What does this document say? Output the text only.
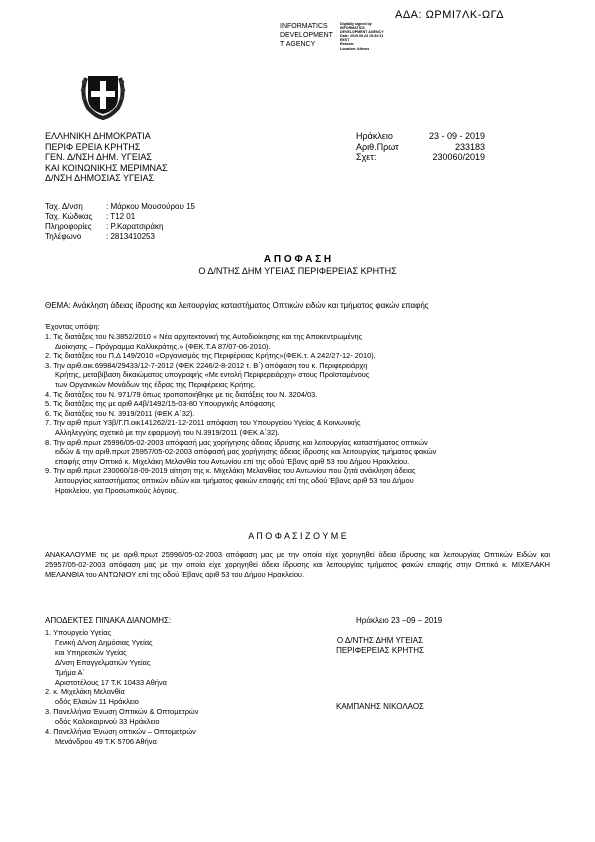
ΑΔΑ: ΩΡΜΙ7ΛΚ-ΩΓΔ
INFORMATICS
DEVELOPMENT
T AGENCY
Digitally signed by
INFORMATICS
DEVELOPMENT AGENCY
Date: 2019.09.23 15:32:31
EEST
Reason:
Location: Athens
ΕΛΛΗΝΙΚΗ ΔΗΜΟΚΡΑΤΙΑ
ΠΕΡΙΦ ΕΡΕΙΑ ΚΡΗΤΗΣ
ΓΕΝ. Δ/ΝΣΗ ΔΗΜ. ΥΓΕΙΑΣ
ΚΑΙ ΚΟΙΝΩΝΙΚΗΣ ΜΕΡΙΜΝΑΣ
Δ/ΝΣΗ ΔΗΜΟΣΙΑΣ ΥΓΕΙΑΣ
Ηράκλειο
Αριθ.Πρωτ
Σχετ:
23 - 09 - 2019
233183
230060/2019
Ταχ. Δ/νση
Ταχ. Κώδικας
Πληροφορίες
Τηλέφωνο
: Μάρκου Μουσούρου 15
: Τ12 01
: Ρ.Καρατσιράκη
: 2813410253
Α Π Ο Φ Α Σ Η
Ο Δ/ΝΤΗΣ ΔΗΜ ΥΓΕΙΑΣ ΠΕΡΙΦΕΡΕΙΑΣ ΚΡΗΤΗΣ
ΘΕΜΑ: Ανάκληση άδειας ίδρυσης και λειτουργίας καταστήματος Οπτικών ειδών και τμήματος φακών επαφής
Έχοντας υπόψη:
1. Τις διατάξεις του Ν.3852/2010 « Νέα αρχιτεκτονική της Αυτοδιοίκησης και της Αποκεντρωμένης
Διοίκησης – Πρόγραμμα Καλλικράτης.» (ΦΕΚ.Τ.Α 87/07-06-2010).
2. Τις διατάξεις του Π.Δ 149/2010 «Οργανισμός της Περιφέρειας Κρήτης»(ΦΕΚ.τ. Α 242/27-12- 2010).
3. Την αριθ.αικ.69984/29433/12-7-2012 (ΦΕΚ 2246/2-8-2012 τ. Β΄) απόφαση του κ. Περιφερειάρχη
Κρήτης, μεταβίβαση δικαιώματος υπογραφής «Με εντολή Περιφερειάρχη» στους Προϊσταμένους
των Οργανικών Μονάδων της έδρας της Περιφέρειας Κρήτης.
4. Τις διατάξεις του Ν. 971/79 όπως τροποποιήθηκε με τις διατάξεις του Ν. 3204/03.
5. Τις διατάξεις της με αριθ Α4β/1492/15-03-80 Υπουργικής Απόφασης
6. Τις διατάξεις του Ν. 3919/2011 (ΦΕΚ Α΄32).
7. Την αριθ πρωτ Υ3β/Γ.Π.οικ141262/21-12-2011 απόφαση του Υπουργείου Υγείας & Κοινωνικής
Αλληλεγγύης σχετικό με την εφαρμογή του Ν.3919/2011 (ΦΕΚ Α΄32).
8. Την αριθ.πρωτ 25996/05-02-2003 απόφασή μας χορήγησης άδειας ίδρυσης και λειτουργίας καταστήματος οπτικών
ειδών & την αριθ.πρωτ 25957/05-02-2003 απόφασή μας χορήγησης άδειας ίδρυσης και λειτουργίας τμήματος φακών
επαφής στην Οπτικό κ. Μιχελάκη Μελανθία του Αντωνίου επί της οδού Έβανς αριθ 53 του Δήμου Ηρακλείου.
9. Την αριθ.πρωτ 230060/18-09-2019 αίτηση της κ. Μιχελάκη Μελανθίας του Αντωνίου που ζητά ανάκληση άδειας
λειτουργίας καταστήματος οπτικών ειδών και τμήματος φακών επαφής επί της οδού Έβανς αριθ 53 του Δήμου
Ηρακλείου, για Προσωπικούς λόγους.
Α Π Ο Φ Α Σ Ι Ζ Ο Υ Μ Ε
ΑΝΑΚΑΛΟΥΜΕ τις με αριθ.πρωτ 25996/05-02-2003 απόφαση μας με την οποία είχε χορηγηθεί άδεια ίδρυσης και λειτουργίας Οπτικών Ειδών και 25957/05-02-2003 απόφαση μας με την οποία είχε χορηγηθεί άδεια ίδρυσης και λειτουργίας τμήματος φακών επαφής στην Οπτικό κ. ΜΙΧΕΛΑΚΗ ΜΕΛΑΝΘΙΑ του ΑΝΤΩΝΙΟΥ επί της οδού Έβανς αριθ 53 του Δήμου Ηρακλείου.
ΑΠΟΔΕΚΤΕΣ ΠΙΝΑΚΑ ΔΙΑΝΟΜΗΣ:
1. Υπουργείο Υγείας
Γενική Δ/νση Δημόσιας Υγείας
και Υπηρεσιών Υγείας
Δ/νση Επαγγελματιών Υγείας
Τμήμα Α΄
Αριστοτέλους 17 Τ.Κ 10433 Αθήνα
2. κ. Μιχελάκη Μελανθία
οδός Ελαιών 11 Ηράκλειο
3. Πανελλήνια Ένωση Οπτικών & Οπτομετρών
οδός Καλοκαιρινού 33 Ηράκλειο
4. Πανελλήνια Ένωση οπτικών – Οπτομετρών
Μενάνδρου 49 Τ.Κ 5706 Αθήνα
Ηράκλειο 23 –09 – 2019
Ο Δ/ΝΤΗΣ ΔΗΜ ΥΓΕΙΑΣ
ΠΕΡΙΦΕΡΕΙΑΣ ΚΡΗΤΗΣ
ΚΑΜΠΑΝΗΣ ΝΙΚΟΛΑΟΣ
